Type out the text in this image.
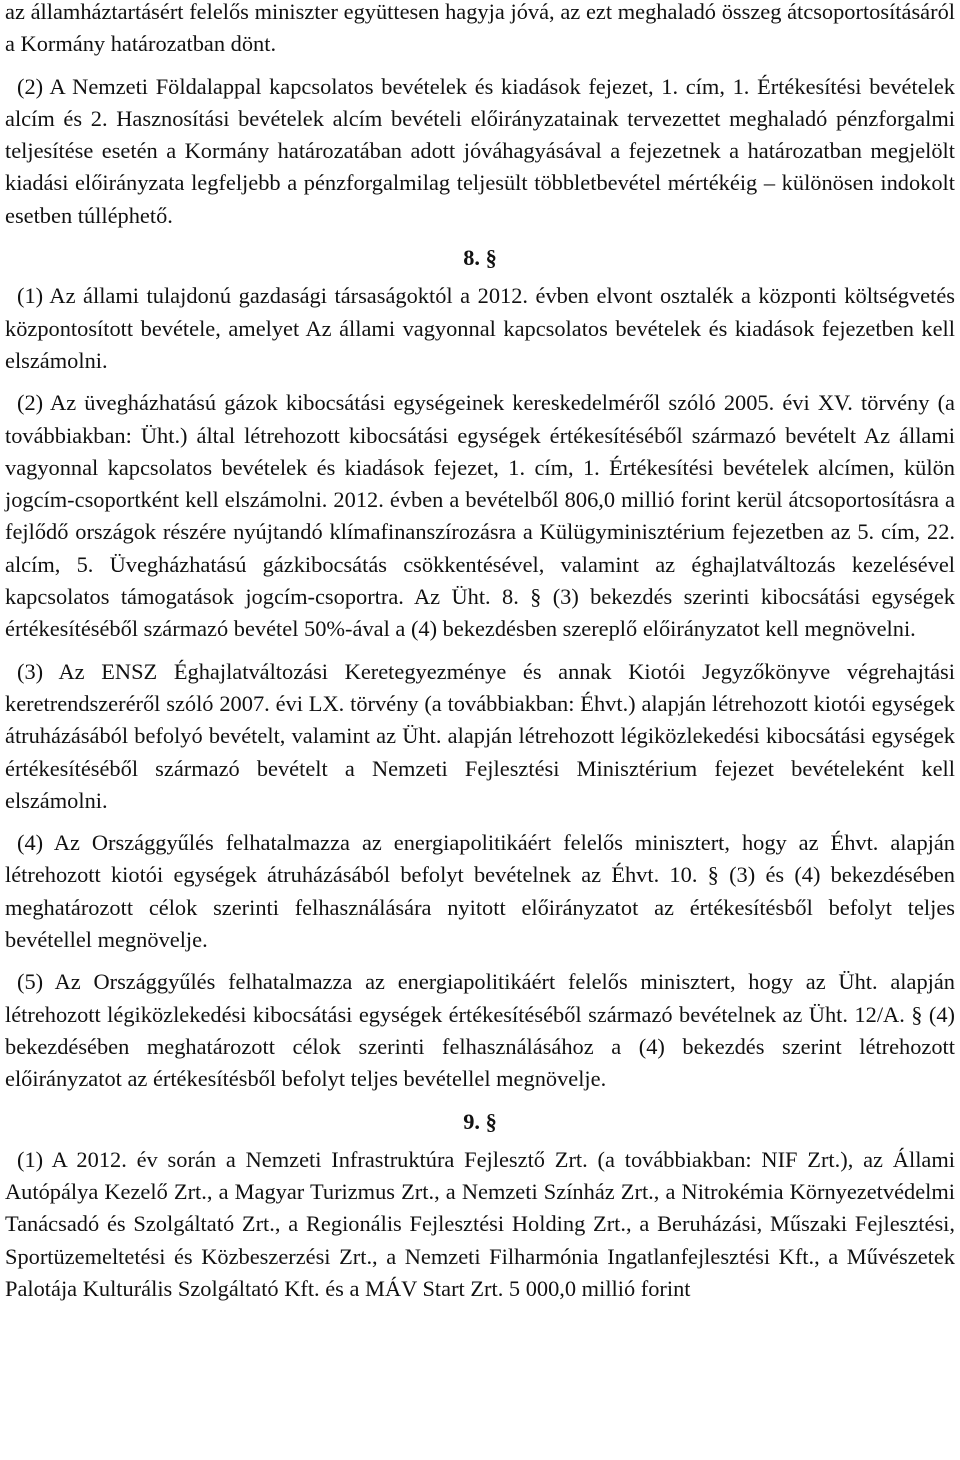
az államháztartásért felelős miniszter együttesen hagyja jóvá, az ezt meghaladó összeg átcsoportosításáról a Kormány határozatban dönt.

(2) A Nemzeti Földalappal kapcsolatos bevételek és kiadások fejezet, 1. cím, 1. Értékesítési bevételek alcím és 2. Hasznosítási bevételek alcím bevételi előirányzatainak tervezettet meghaladó pénzforgalmi teljesítése esetén a Kormány határozatában adott jóváhagyásával a fejezetnek a határozatban megjelölt kiadási előirányzata legfeljebb a pénzforgalmilag teljesült többletbevétel mértékéig – különösen indokolt esetben túlléphető.

8. §

(1) Az állami tulajdonú gazdasági társaságoktól a 2012. évben elvont osztalék a központi költségvetés központosított bevétele, amelyet Az állami vagyonnal kapcsolatos bevételek és kiadások fejezetben kell elszámolni.

(2) Az üvegházhatású gázok kibocsátási egységeinek kereskedelméről szóló 2005. évi XV. törvény (a továbbiakban: Üht.) által létrehozott kibocsátási egységek értékesítéséből származó bevételt Az állami vagyonnal kapcsolatos bevételek és kiadások fejezet, 1. cím, 1. Értékesítési bevételek alcímen, külön jogcím-csoportként kell elszámolni. 2012. évben a bevételből 806,0 millió forint kerül átcsoportosításra a fejlődő országok részére nyújtandó klímafinanszírozásra a Külügyminisztérium fejezetben az 5. cím, 22. alcím, 5. Üvegházhatású gázkibocsátás csökkentésével, valamint az éghajlatváltozás kezelésével kapcsolatos támogatások jogcím-csoportra. Az Üht. 8. § (3) bekezdés szerinti kibocsátási egységek értékesítéséből származó bevétel 50%-ával a (4) bekezdésben szereplő előirányzatot kell megnövelni.

(3) Az ENSZ Éghajlatváltozási Keretegyezménye és annak Kiotói Jegyzőkönyve végrehajtási keretrendszeréről szóló 2007. évi LX. törvény (a továbbiakban: Éhvt.) alapján létrehozott kiotói egységek átruházásából befolyó bevételt, valamint az Üht. alapján létrehozott légiközlekedési kibocsátási egységek értékesítéséből származó bevételt a Nemzeti Fejlesztési Minisztérium fejezet bevételeként kell elszámolni.

(4) Az Országgyűlés felhatalmazza az energiapolitikáért felelős minisztert, hogy az Éhvt. alapján létrehozott kiotói egységek átruházásából befolyt bevételnek az Éhvt. 10. § (3) és (4) bekezdésében meghatározott célok szerinti felhasználására nyitott előirányzatot az értékesítésből befolyt teljes bevétellel megnövelje.

(5) Az Országgyűlés felhatalmazza az energiapolitikáért felelős minisztert, hogy az Üht. alapján létrehozott légiközlekedési kibocsátási egységek értékesítéséből származó bevételnek az Üht. 12/A. § (4) bekezdésében meghatározott célok szerinti felhasználásához a (4) bekezdés szerint létrehozott előirányzatot az értékesítésből befolyt teljes bevétellel megnövelje.

9. §

(1) A 2012. év során a Nemzeti Infrastruktúra Fejlesztő Zrt. (a továbbiakban: NIF Zrt.), az Állami Autópálya Kezelő Zrt., a Magyar Turizmus Zrt., a Nemzeti Színház Zrt., a Nitrokémia Környezetvédelmi Tanácsadó és Szolgáltató Zrt., a Regionális Fejlesztési Holding Zrt., a Beruházási, Műszaki Fejlesztési, Sportüzemeltetési és Közbeszerzési Zrt., a Nemzeti Filharmónia Ingatlanfejlesztési Kft., a Művészetek Palotája Kulturális Szolgáltató Kft. és a MÁV Start Zrt. 5 000,0 millió forint
